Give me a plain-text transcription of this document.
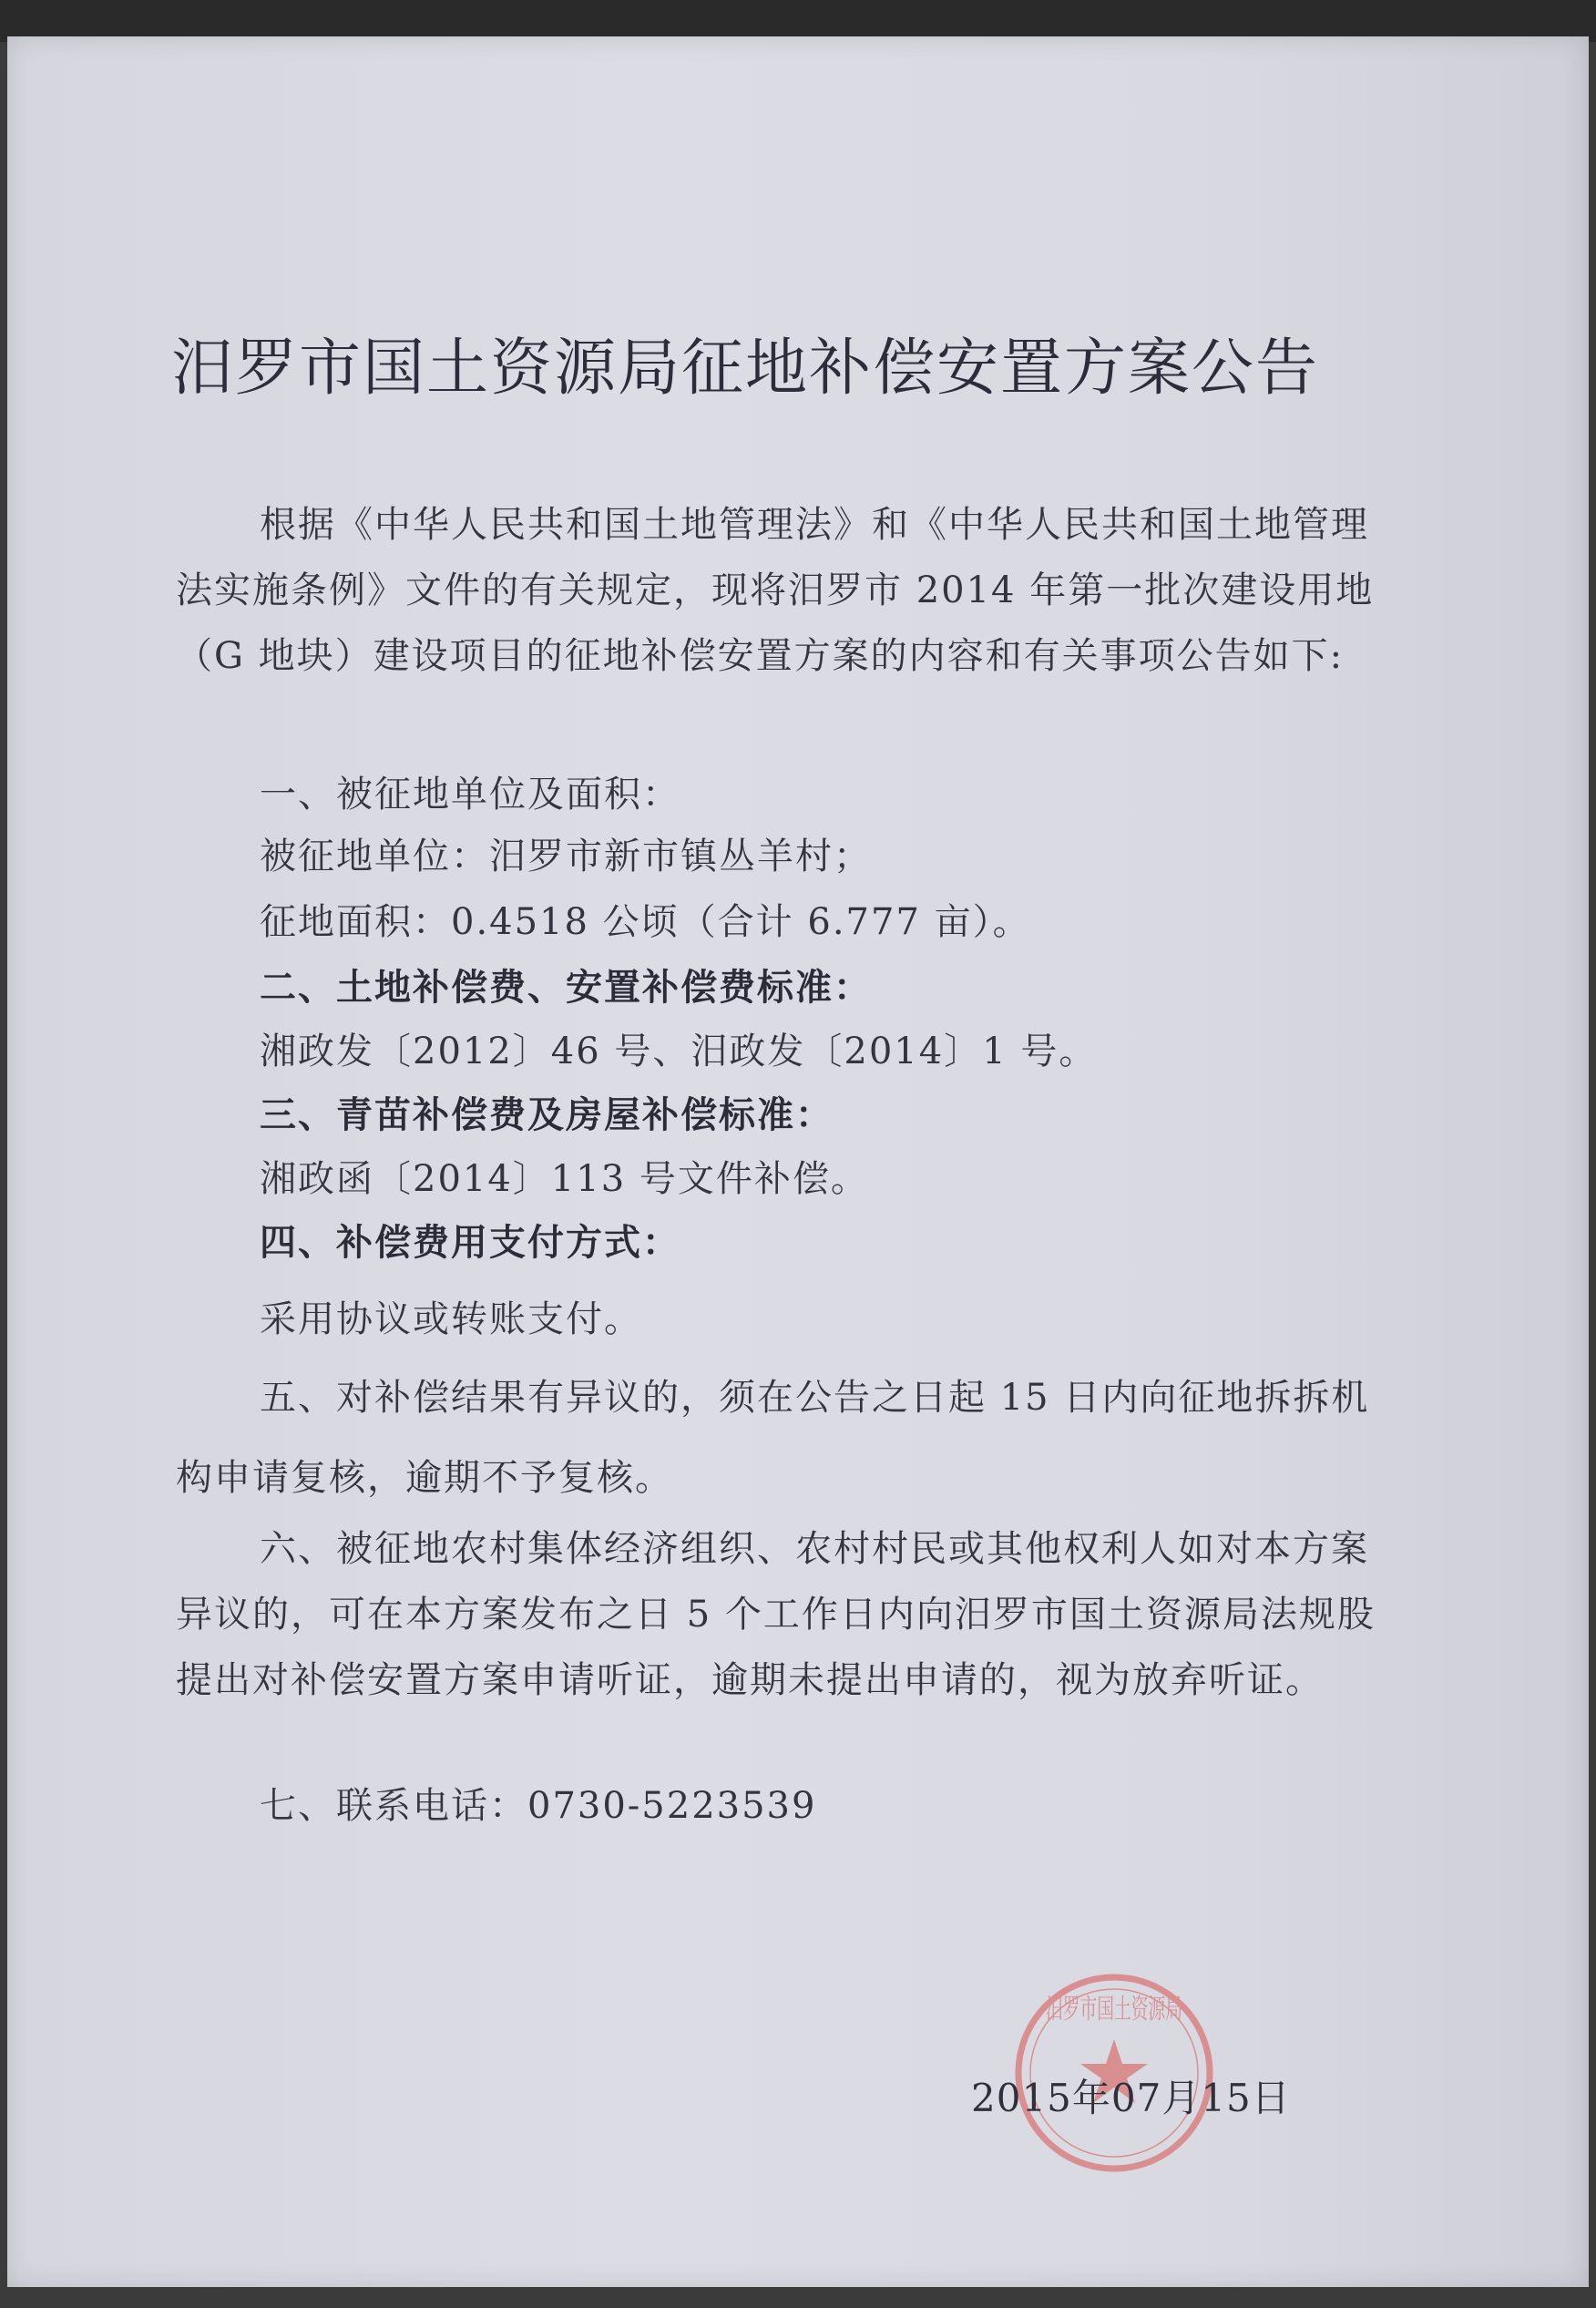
汨罗市国土资源局征地补偿安置方案公告

根据《中华人民共和国土地管理法》和《中华人民共和国土地管理法实施条例》文件的有关规定，现将汨罗市 2014 年第一批次建设用地（G 地块）建设项目的征地补偿安置方案的内容和有关事项公告如下:

一、被征地单位及面积：

被征地单位：汨罗市新市镇丛羊村；

征地面积：0.4518 公顷（合计 6.777 亩）。

二、土地补偿费、安置补偿费标准：

湘政发〔2012〕46 号、汨政发〔2014〕1 号。

三、青苗补偿费及房屋补偿标准：

湘政函〔2014〕113 号文件补偿。

四、补偿费用支付方式：

采用协议或转账支付。

五、对补偿结果有异议的，须在公告之日起 15 日内向征地拆拆机构申请复核，逾期不予复核。

六、被征地农村集体经济组织、农村村民或其他权利人如对本方案异议的，可在本方案发布之日 5 个工作日内向汨罗市国土资源局法规股提出对补偿安置方案申请听证，逾期未提出申请的，视为放弃听证。

七、联系电话：0730-5223539

汨罗市国土资源局
2015年07月15日
